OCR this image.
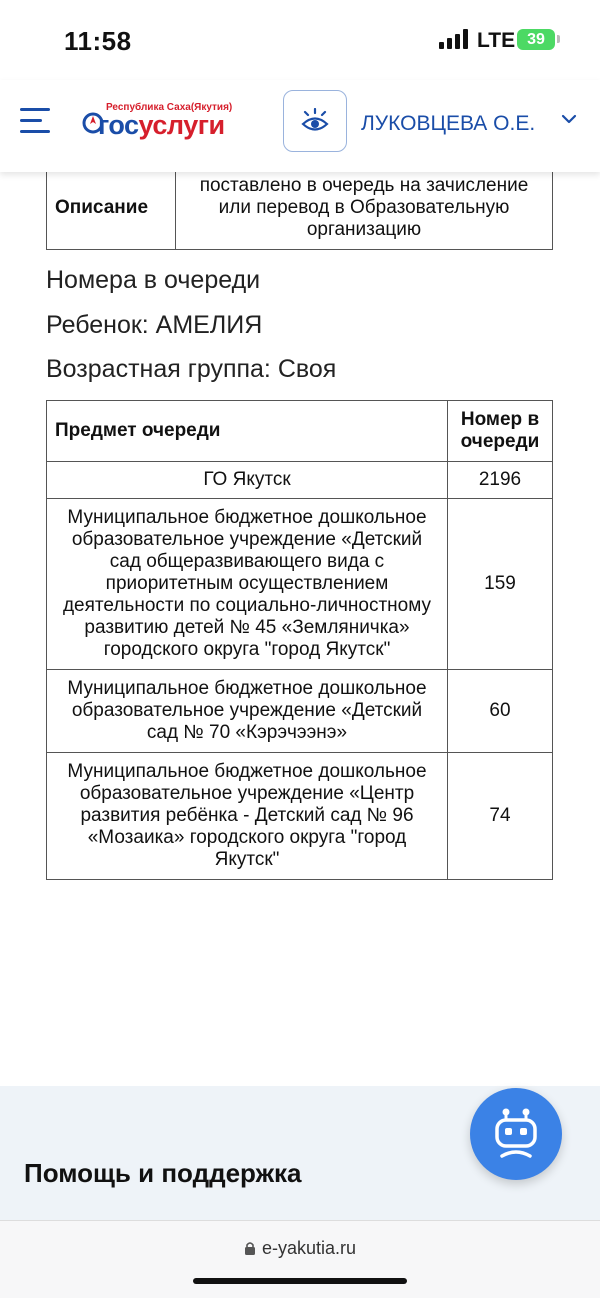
11:58	LTE 39
Республика Саха(Якутия)
госуслуги	ЛУКОВЦЕВА О.Е.
Описание	поставлено в очередь на зачисление или перевод в Образовательную организацию
Номера в очереди
Ребенок: АМЕЛИЯ
Возрастная группа: Своя
Предмет очереди	Номер в очереди
ГО Якутск	2196
Муниципальное бюджетное дошкольное образовательное учреждение «Детский сад общеразвивающего вида с приоритетным осуществлением деятельности по социально-личностному развитию детей № 45 «Земляничка» городского округа "город Якутск"	159
Муниципальное бюджетное дошкольное образовательное учреждение «Детский сад № 70 «Кэрэчээнэ»	60
Муниципальное бюджетное дошкольное образовательное учреждение «Центр развития ребёнка - Детский сад № 96 «Мозаика» городского округа "город Якутск"	74
Помощь и поддержка
e-yakutia.ru
